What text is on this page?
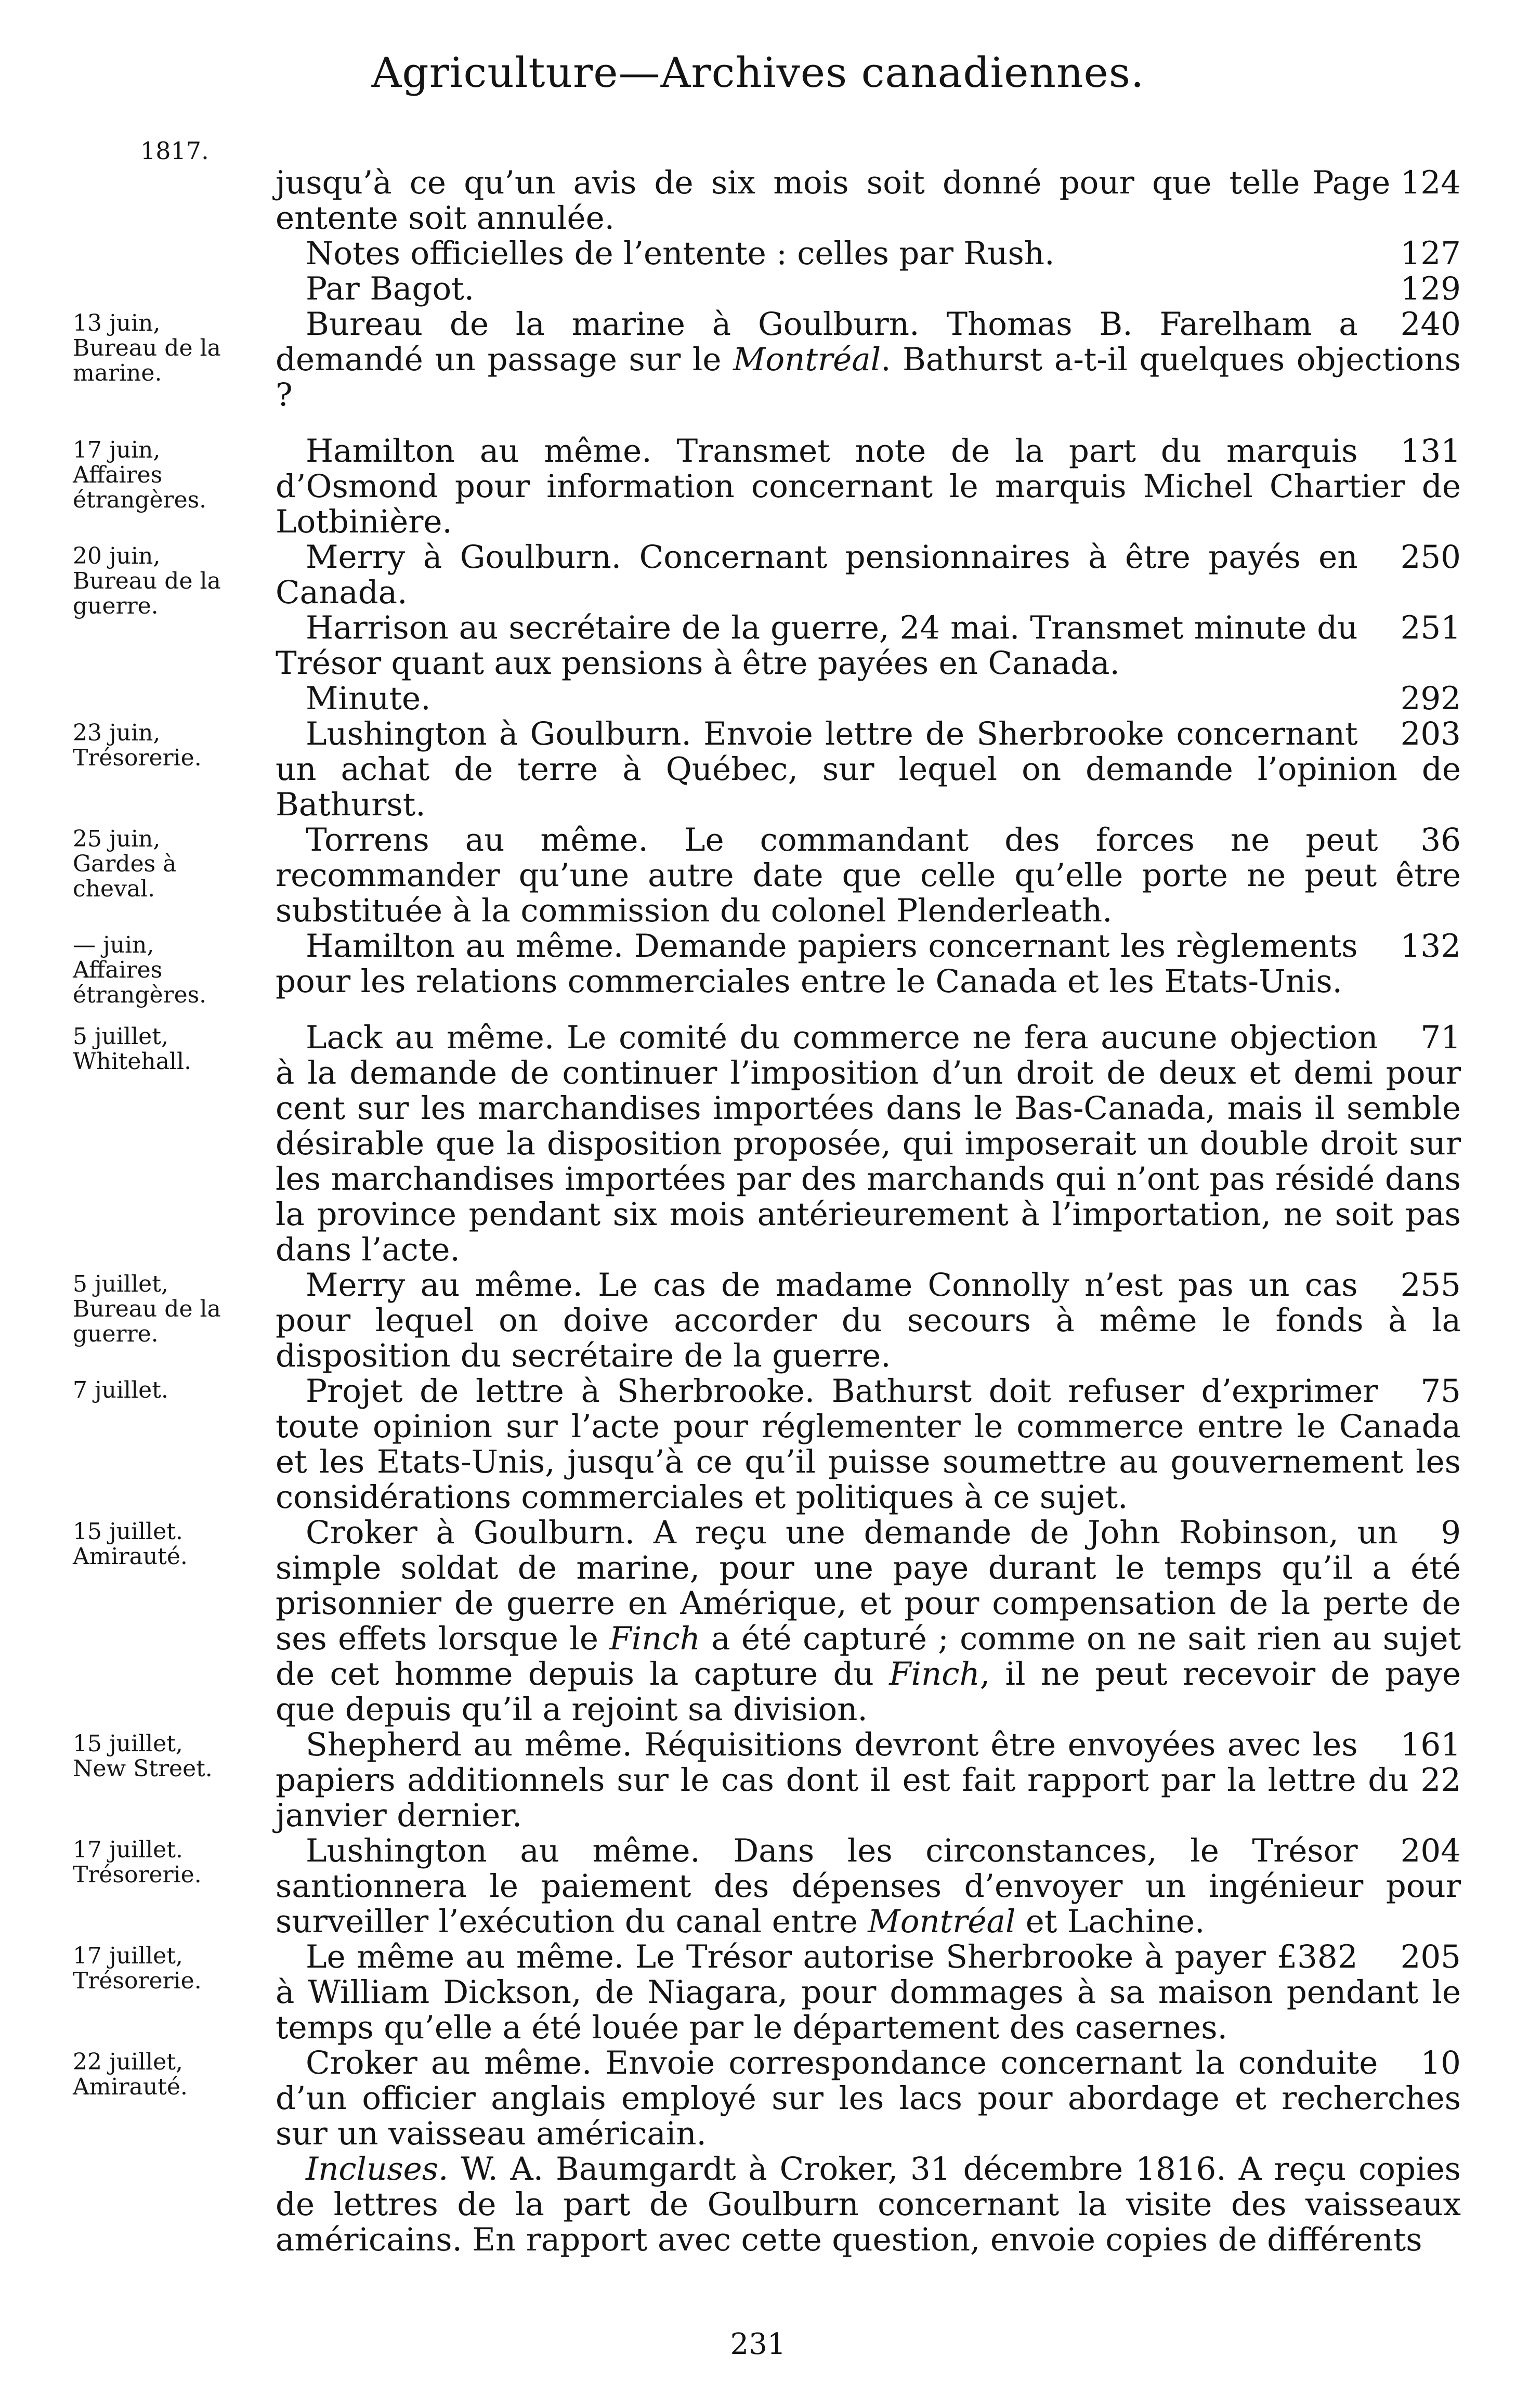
Agriculture—Archives canadiennes.
1817.
Page 124
jusqu’à ce qu’un avis de six mois soit donné pour que telle entente soit annulée.
127
Notes officielles de l’entente : celles par Rush.
129
Par Bagot.
13 juin,
Bureau de la
marine.
240
Bureau de la marine à Goulburn. Thomas B. Farelham a demandé un passage sur le Montréal. Bathurst a-t-il quelques objections ?
17 juin,
Affaires
étrangères.
131
Hamilton au même. Transmet note de la part du marquis d’Osmond pour information concernant le marquis Michel Chartier de Lotbinière.
20 juin,
Bureau de la
guerre.
250
Merry à Goulburn. Concernant pensionnaires à être payés en Canada.
251
Harrison au secrétaire de la guerre, 24 mai. Transmet minute du Trésor quant aux pensions à être payées en Canada.
292
Minute.
23 juin,
Trésorerie.
203
Lushington à Goulburn. Envoie lettre de Sherbrooke concernant un achat de terre à Québec, sur lequel on demande l’opinion de Bathurst.
25 juin,
Gardes à
cheval.
36
Torrens au même. Le commandant des forces ne peut recommander qu’une autre date que celle qu’elle porte ne peut être substituée à la commission du colonel Plenderleath.
— juin,
Affaires
étrangères.
132
Hamilton au même. Demande papiers concernant les règlements pour les relations commerciales entre le Canada et les Etats-Unis.
5 juillet,
Whitehall.
71
Lack au même. Le comité du commerce ne fera aucune objection à la demande de continuer l’imposition d’un droit de deux et demi pour cent sur les marchandises importées dans le Bas-Canada, mais il semble désirable que la disposition proposée, qui imposerait un double droit sur les marchandises importées par des marchands qui n’ont pas résidé dans la province pendant six mois antérieurement à l’importation, ne soit pas dans l’acte.
5 juillet,
Bureau de la
guerre.
255
Merry au même. Le cas de madame Connolly n’est pas un cas pour lequel on doive accorder du secours à même le fonds à la disposition du secrétaire de la guerre.
7 juillet.	75
Projet de lettre à Sherbrooke. Bathurst doit refuser d’exprimer toute opinion sur l’acte pour réglementer le commerce entre le Canada et les Etats-Unis, jusqu’à ce qu’il puisse soumettre au gouvernement les considérations commerciales et politiques à ce sujet.
15 juillet.
Amirauté.
9
Croker à Goulburn. A reçu une demande de John Robinson, un simple soldat de marine, pour une paye durant le temps qu’il a été prisonnier de guerre en Amérique, et pour compensation de la perte de ses effets lorsque le Finch a été capturé ; comme on ne sait rien au sujet de cet homme depuis la capture du Finch, il ne peut recevoir de paye que depuis qu’il a rejoint sa division.
15 juillet,
New Street.
161
Shepherd au même. Réquisitions devront être envoyées avec les papiers additionnels sur le cas dont il est fait rapport par la lettre du 22 janvier dernier.
17 juillet.
Trésorerie.
204
Lushington au même. Dans les circonstances, le Trésor santionnera le paiement des dépenses d’envoyer un ingénieur pour surveiller l’exécution du canal entre Montréal et Lachine.
17 juillet,
Trésorerie.
205
Le même au même. Le Trésor autorise Sherbrooke à payer £382 à William Dickson, de Niagara, pour dommages à sa maison pendant le temps qu’elle a été louée par le département des casernes.
22 juillet,
Amirauté.
10
Croker au même. Envoie correspondance concernant la conduite d’un officier anglais employé sur les lacs pour abordage et recherches sur un vaisseau américain.
Incluses. W. A. Baumgardt à Croker, 31 décembre 1816. A reçu copies de lettres de la part de Goulburn concernant la visite des vaisseaux américains. En rapport avec cette question, envoie copies de différents
231
